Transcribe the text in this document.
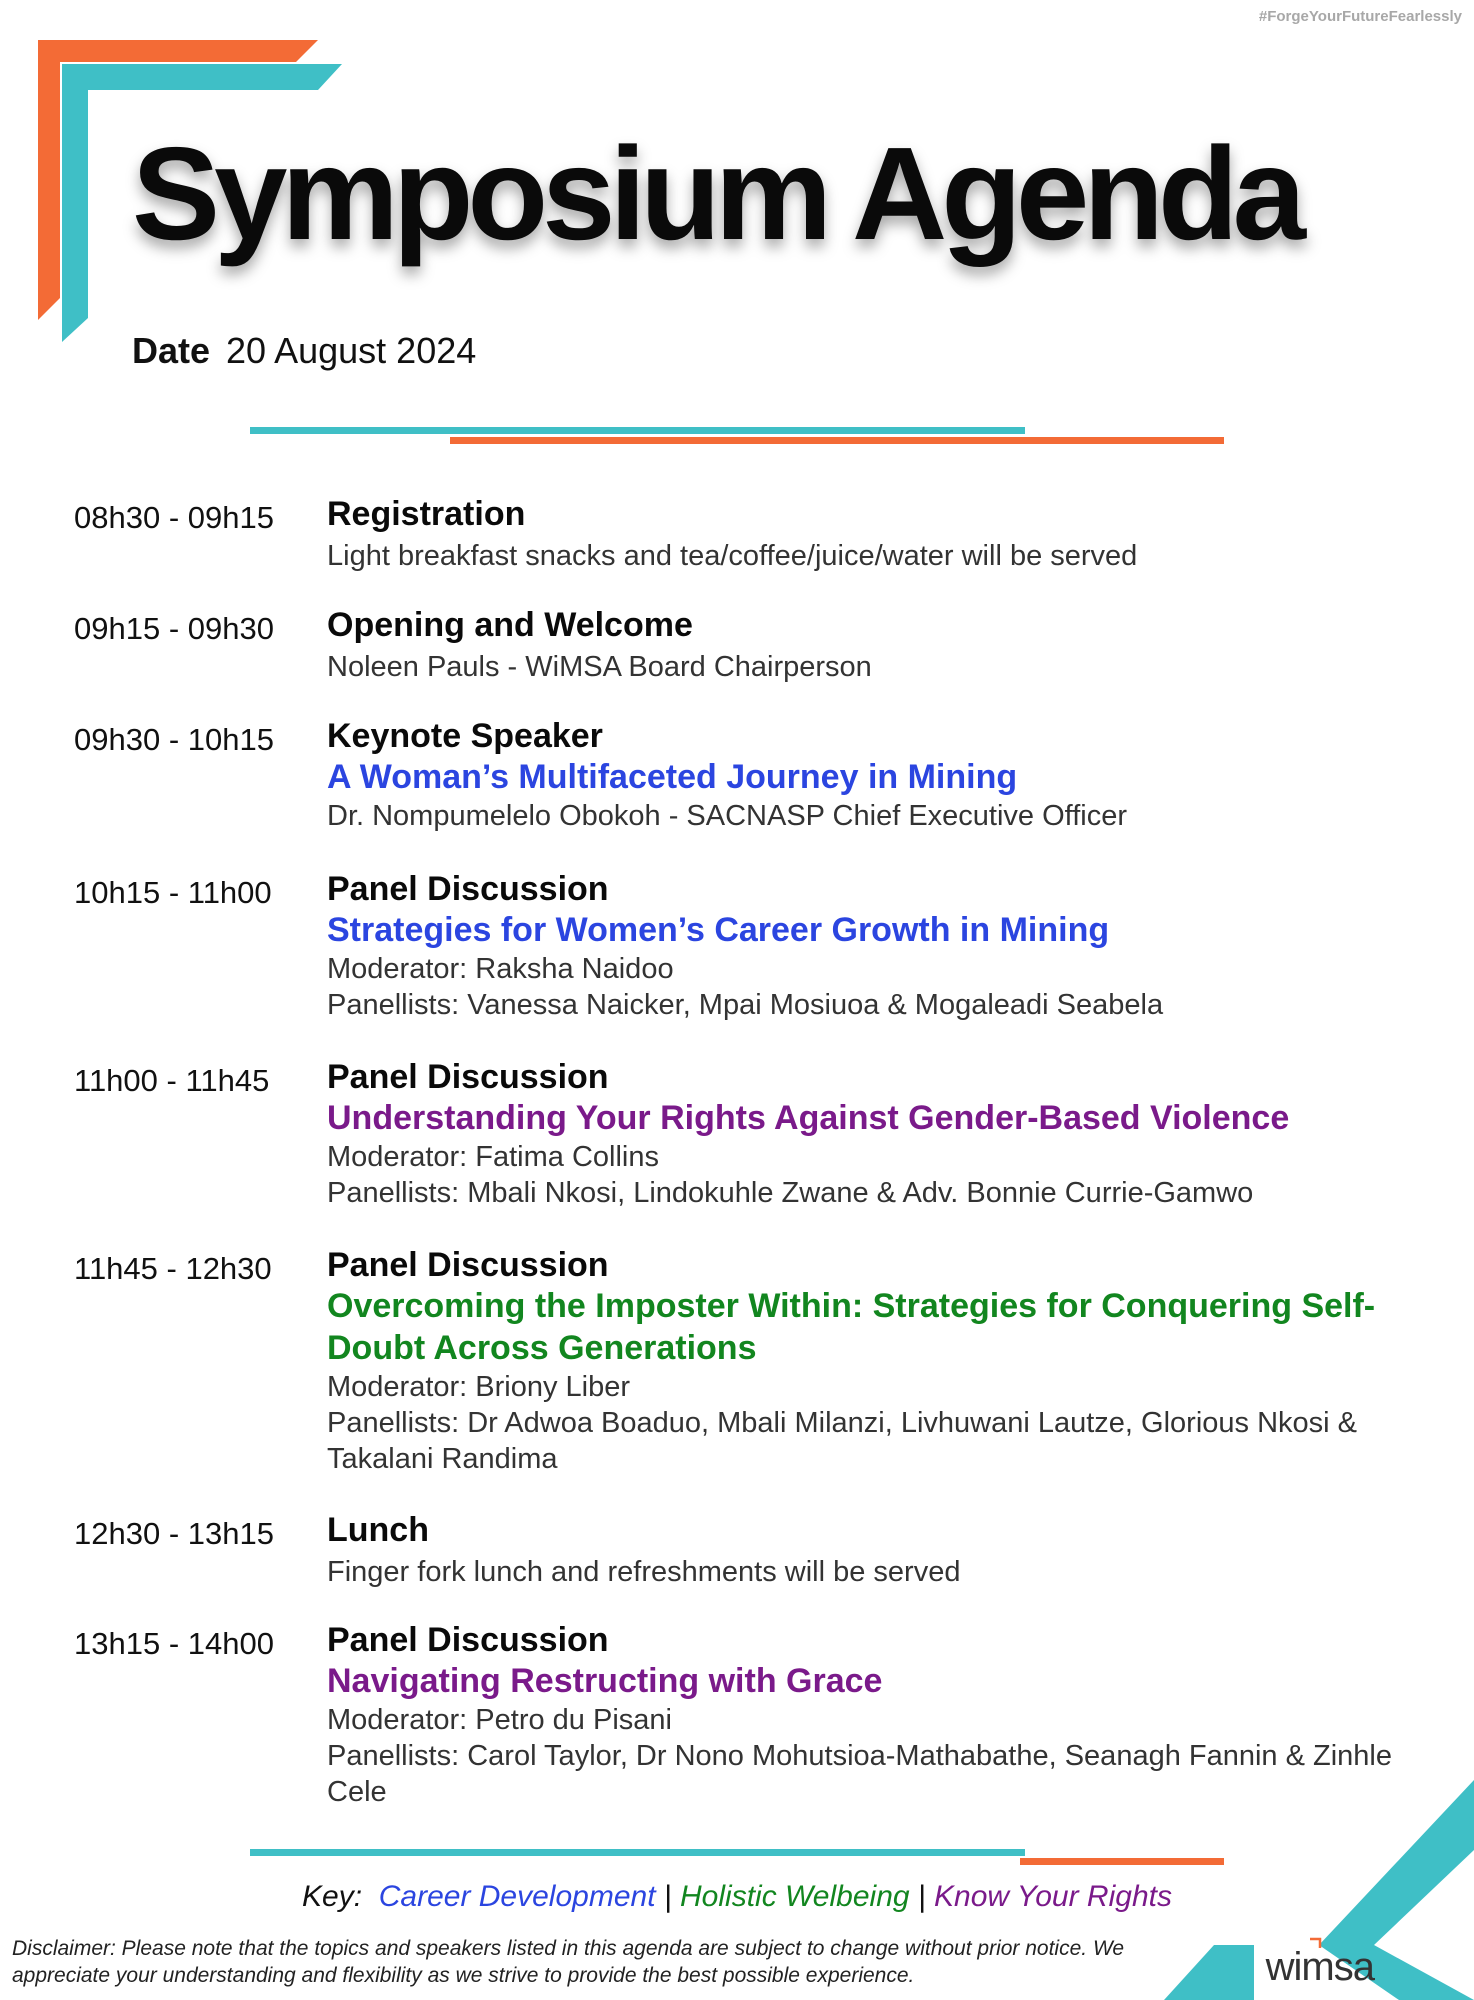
#ForgeYourFutureFearlessly
Symposium Agenda
Date 20 August 2024
08h30 - 09h15 Registration
Light breakfast snacks and tea/coffee/juice/water will be served
09h15 - 09h30 Opening and Welcome
Noleen Pauls - WiMSA Board Chairperson
09h30 - 10h15 Keynote Speaker
A Woman’s Multifaceted Journey in Mining
Dr. Nompumelelo Obokoh - SACNASP Chief Executive Officer
10h15 - 11h00 Panel Discussion
Strategies for Women’s Career Growth in Mining
Moderator: Raksha Naidoo
Panellists: Vanessa Naicker, Mpai Mosiuoa & Mogaleadi Seabela
11h00 - 11h45 Panel Discussion
Understanding Your Rights Against Gender-Based Violence
Moderator: Fatima Collins
Panellists: Mbali Nkosi, Lindokuhle Zwane & Adv. Bonnie Currie-Gamwo
11h45 - 12h30 Panel Discussion
Overcoming the Imposter Within: Strategies for Conquering Self-Doubt Across Generations
Moderator: Briony Liber
Panellists: Dr Adwoa Boaduo, Mbali Milanzi, Livhuwani Lautze, Glorious Nkosi & Takalani Randima
12h30 - 13h15 Lunch
Finger fork lunch and refreshments will be served
13h15 - 14h00 Panel Discussion
Navigating Restructing with Grace
Moderator: Petro du Pisani
Panellists: Carol Taylor, Dr Nono Mohutsioa-Mathabathe, Seanagh Fannin & Zinhle Cele
Key: Career Development | Holistic Welbeing | Know Your Rights
Disclaimer: Please note that the topics and speakers listed in this agenda are subject to change without prior notice. We appreciate your understanding and flexibility as we strive to provide the best possible experience.	wimsa
